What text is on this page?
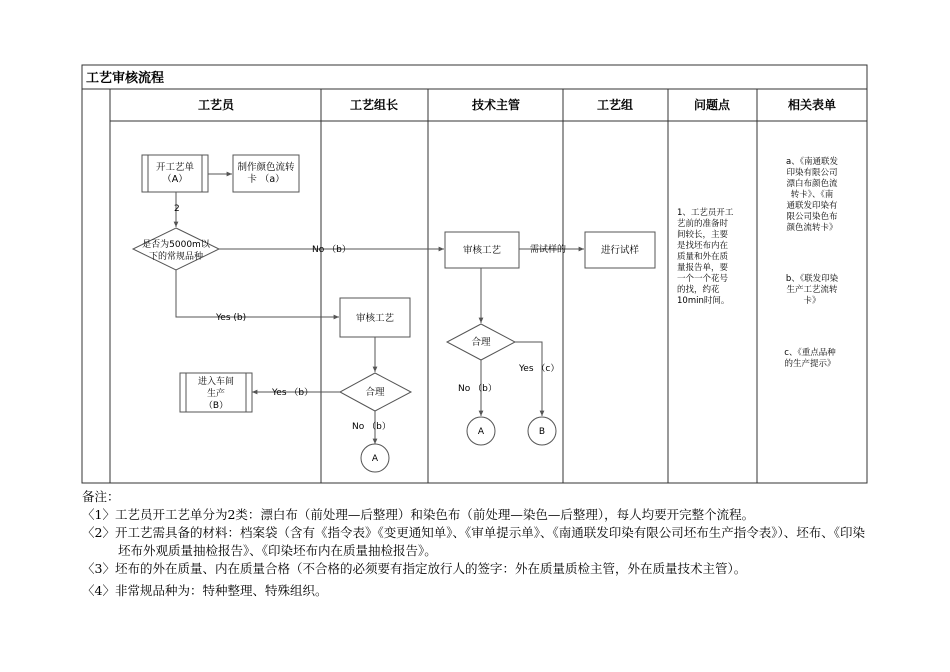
工艺审核流程
工艺员	工艺组长	技术主管	工艺组	问题点	相关表单
2
No （b）
Yes (b)
Yes （b）
No （b）
需试样的
No （b）
Yes （c）
开工艺单（A）
制作颜色流转卡 （a）
是否为5000m以下的常规品种
审核工艺
合理
进入车间生产（B）
A
审核工艺
合理
A	B
进行试样
1、工艺员开工艺前的准备时间较长，主要是找坯布内在质量和外在质量报告单，要一个一个花号的找，约花 10min时间。
a、《南通联发印染有限公司漂白布颜色流转卡》、《南通联发印染有限公司染色布颜色流转卡》
b、《联发印染生产工艺流转卡》
c、《重点品种的生产提示》
备注：
〈1〉工艺员开工艺单分为2类：漂白布（前处理—后整理）和染色布（前处理—染色—后整理），每人均要开完整个流程。
〈2〉开工艺需具备的材料：档案袋（含有《指令表》《变更通知单》、《审单提示单》、《南通联发印染有限公司坯布生产指令表》）、坯布、《印染坯布外观质量抽检报告》、《印染坯布内在质量抽检报告》。
〈3〉坯布的外在质量、内在质量合格（不合格的必须要有指定放行人的签字：外在质量质检主管，外在质量技术主管）。
〈4〉非常规品种为：特种整理、特殊组织。
